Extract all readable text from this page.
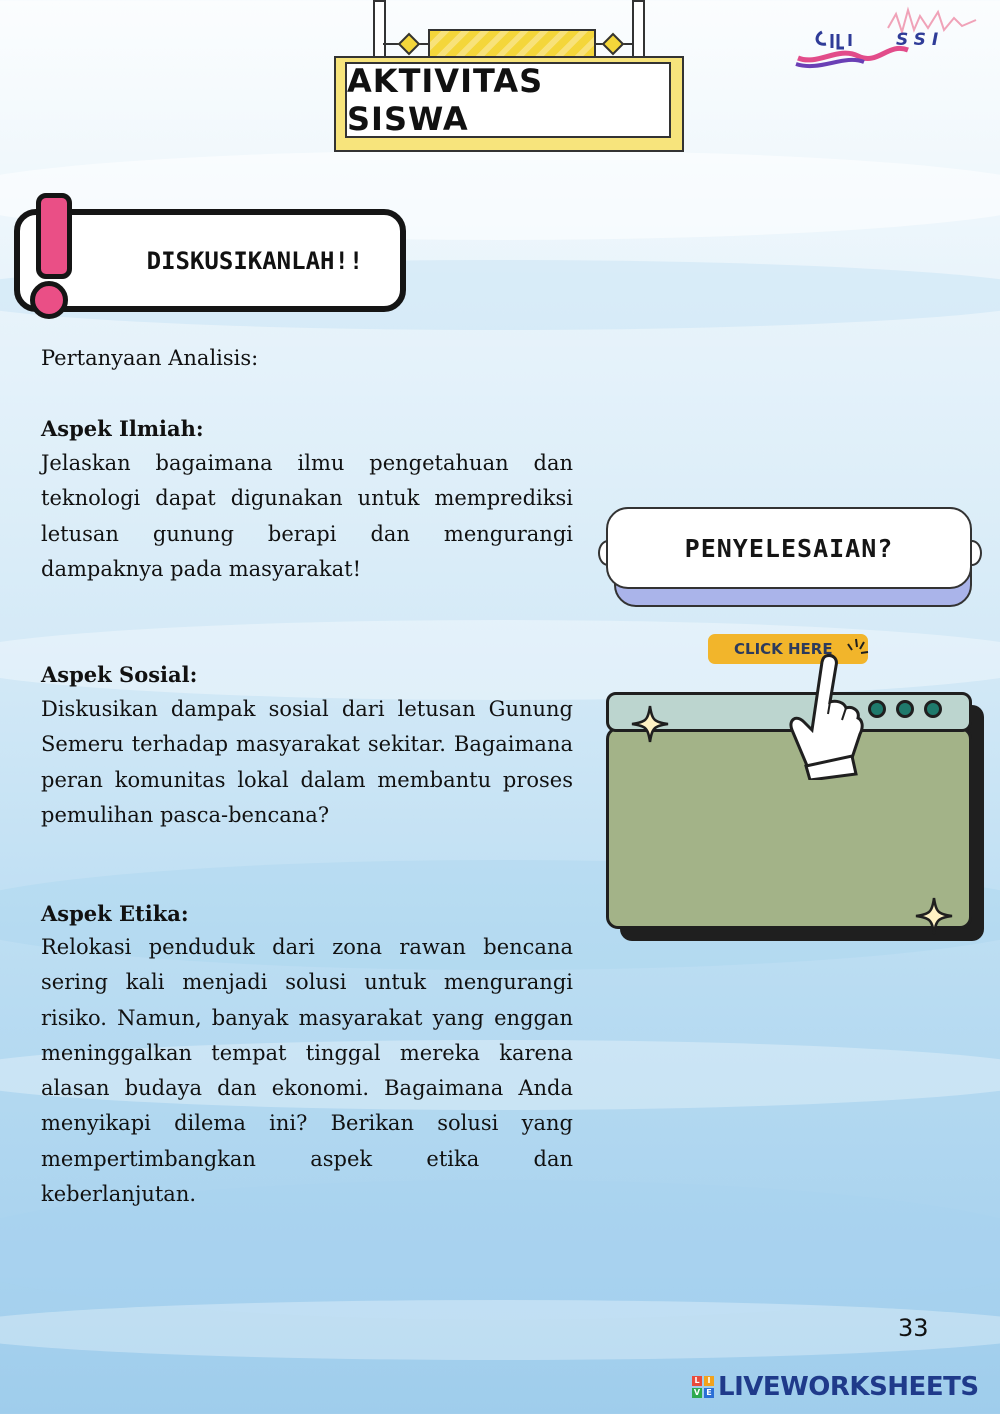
AKTIVITAS SISWA
SSI
DISKUSIKANLAH!!
Pertanyaan Analisis:
Aspek Ilmiah:
Jelaskan bagaimana ilmu pengetahuan dan teknologi dapat digunakan untuk memprediksi letusan gunung berapi dan mengurangi dampaknya pada masyarakat!
Aspek Sosial:
Diskusikan dampak sosial dari letusan Gunung Semeru terhadap masyarakat sekitar. Bagaimana peran komunitas lokal dalam membantu proses pemulihan pasca-bencana?
Aspek Etika:
Relokasi penduduk dari zona rawan bencana sering kali menjadi solusi untuk mengurangi risiko. Namun, banyak masyarakat yang enggan meninggalkan tempat tinggal mereka karena alasan budaya dan ekonomi. Bagaimana Anda menyikapi dilema ini? Berikan solusi yang mempertimbangkan aspek etika dan keberlanjutan.
PENYELESAIAN?
CLICK HERE
33
L I
V E LIVEWORKSHEETS
